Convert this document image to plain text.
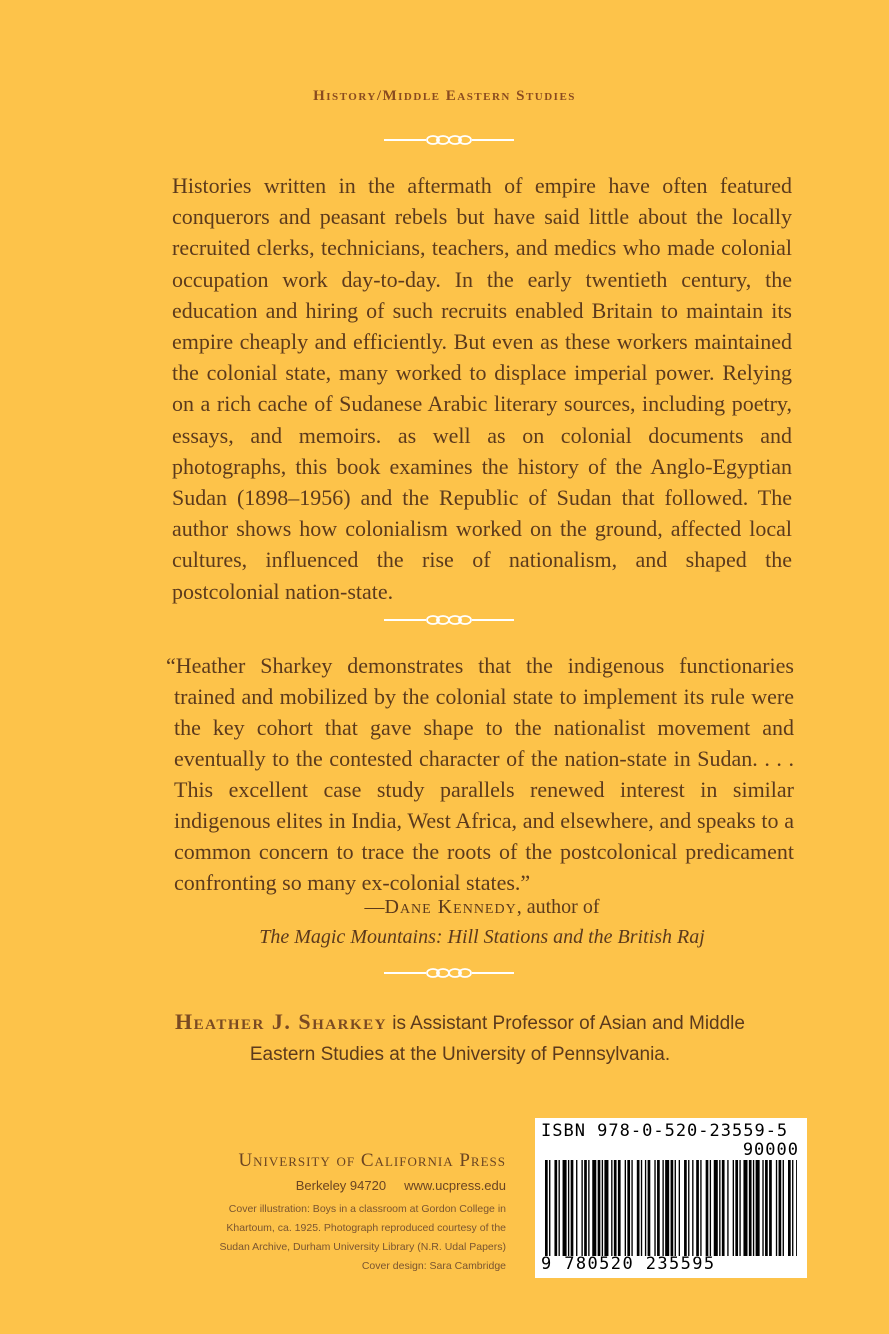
History/Middle Eastern Studies

Histories written in the aftermath of empire have often featured conquerors and peasant rebels but have said little about the locally recruited clerks, technicians, teachers, and medics who made colonial occupation work day-to-day. In the early twentieth century, the education and hiring of such recruits enabled Britain to maintain its empire cheaply and efficiently. But even as these workers maintained the colonial state, many worked to displace imperial power. Relying on a rich cache of Sudanese Arabic literary sources, including poetry, essays, and memoirs. as well as on colonial documents and photographs, this book examines the history of the Anglo-Egyptian Sudan (1898–1956) and the Republic of Sudan that followed. The author shows how colonialism worked on the ground, affected local cultures, influenced the rise of nationalism, and shaped the postcolonial nation-state.

“Heather Sharkey demonstrates that the indigenous functionaries trained and mobilized by the colonial state to implement its rule were the key cohort that gave shape to the nationalist movement and eventually to the contested character of the nation-state in Sudan. . . . This excellent case study parallels renewed interest in similar indigenous elites in India, West Africa, and elsewhere, and speaks to a common concern to trace the roots of the postcolonical predicament confronting so many ex-colonial states.”

—Dane Kennedy, author of
The Magic Mountains: Hill Stations and the British Raj
Heather J. Sharkey is Assistant Professor of Asian and Middle Eastern Studies at the University of Pennsylvania.
University of California Press
Berkeley 94720     www.ucpress.edu
Cover illustration: Boys in a classroom at Gordon College in
Khartoum, ca. 1925. Photograph reproduced courtesy of the
Sudan Archive, Durham University Library (N.R. Udal Papers)
Cover design: Sara Cambridge
ISBN 978-0-520-23559-5
90000
9 780520 235595
